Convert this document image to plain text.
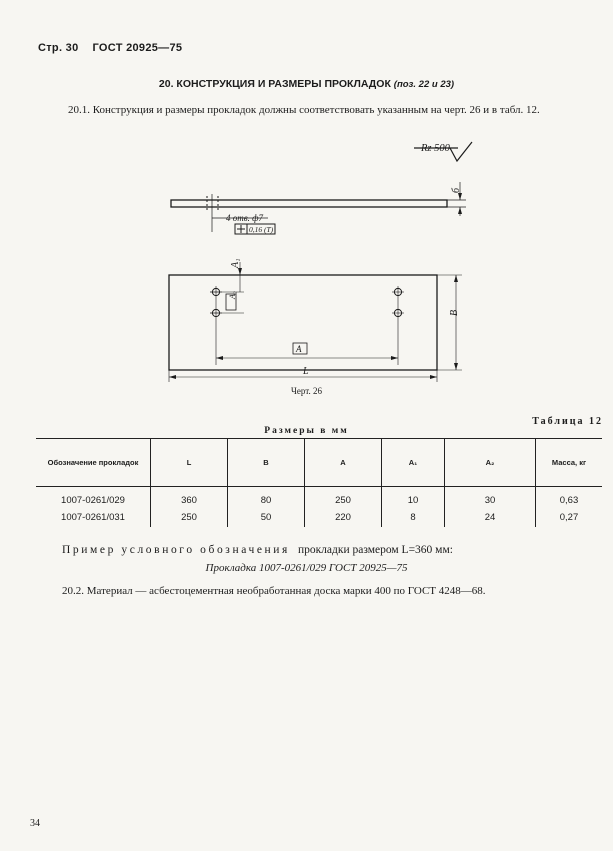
Стр. 30 ГОСТ 20925—75
20. КОНСТРУКЦИЯ И РАЗМЕРЫ ПРОКЛАДОК (поз. 22 и 23)
20.1. Конструкция и размеры прокладок должны соответствовать указанным на черт. 26 и в табл. 12.
Rz 500
4 отв. ф7
0,16 (Т)
б
B
A
L
A₁
A₂
Черт. 26
Таблица 12
Размеры в мм
Обозначение прокладок	L	B	A	A₁	A₂	Масса, кг
1007-0261/029	360	80	250	10	30	0,63
1007-0261/031	250	50	220	8	24	0,27
Пример условного обозначения прокладки размером L=360 мм:
Прокладка 1007-0261/029 ГОСТ 20925—75
20.2. Материал — асбестоцементная необработанная доска марки 400 по ГОСТ 4248—68.
34
